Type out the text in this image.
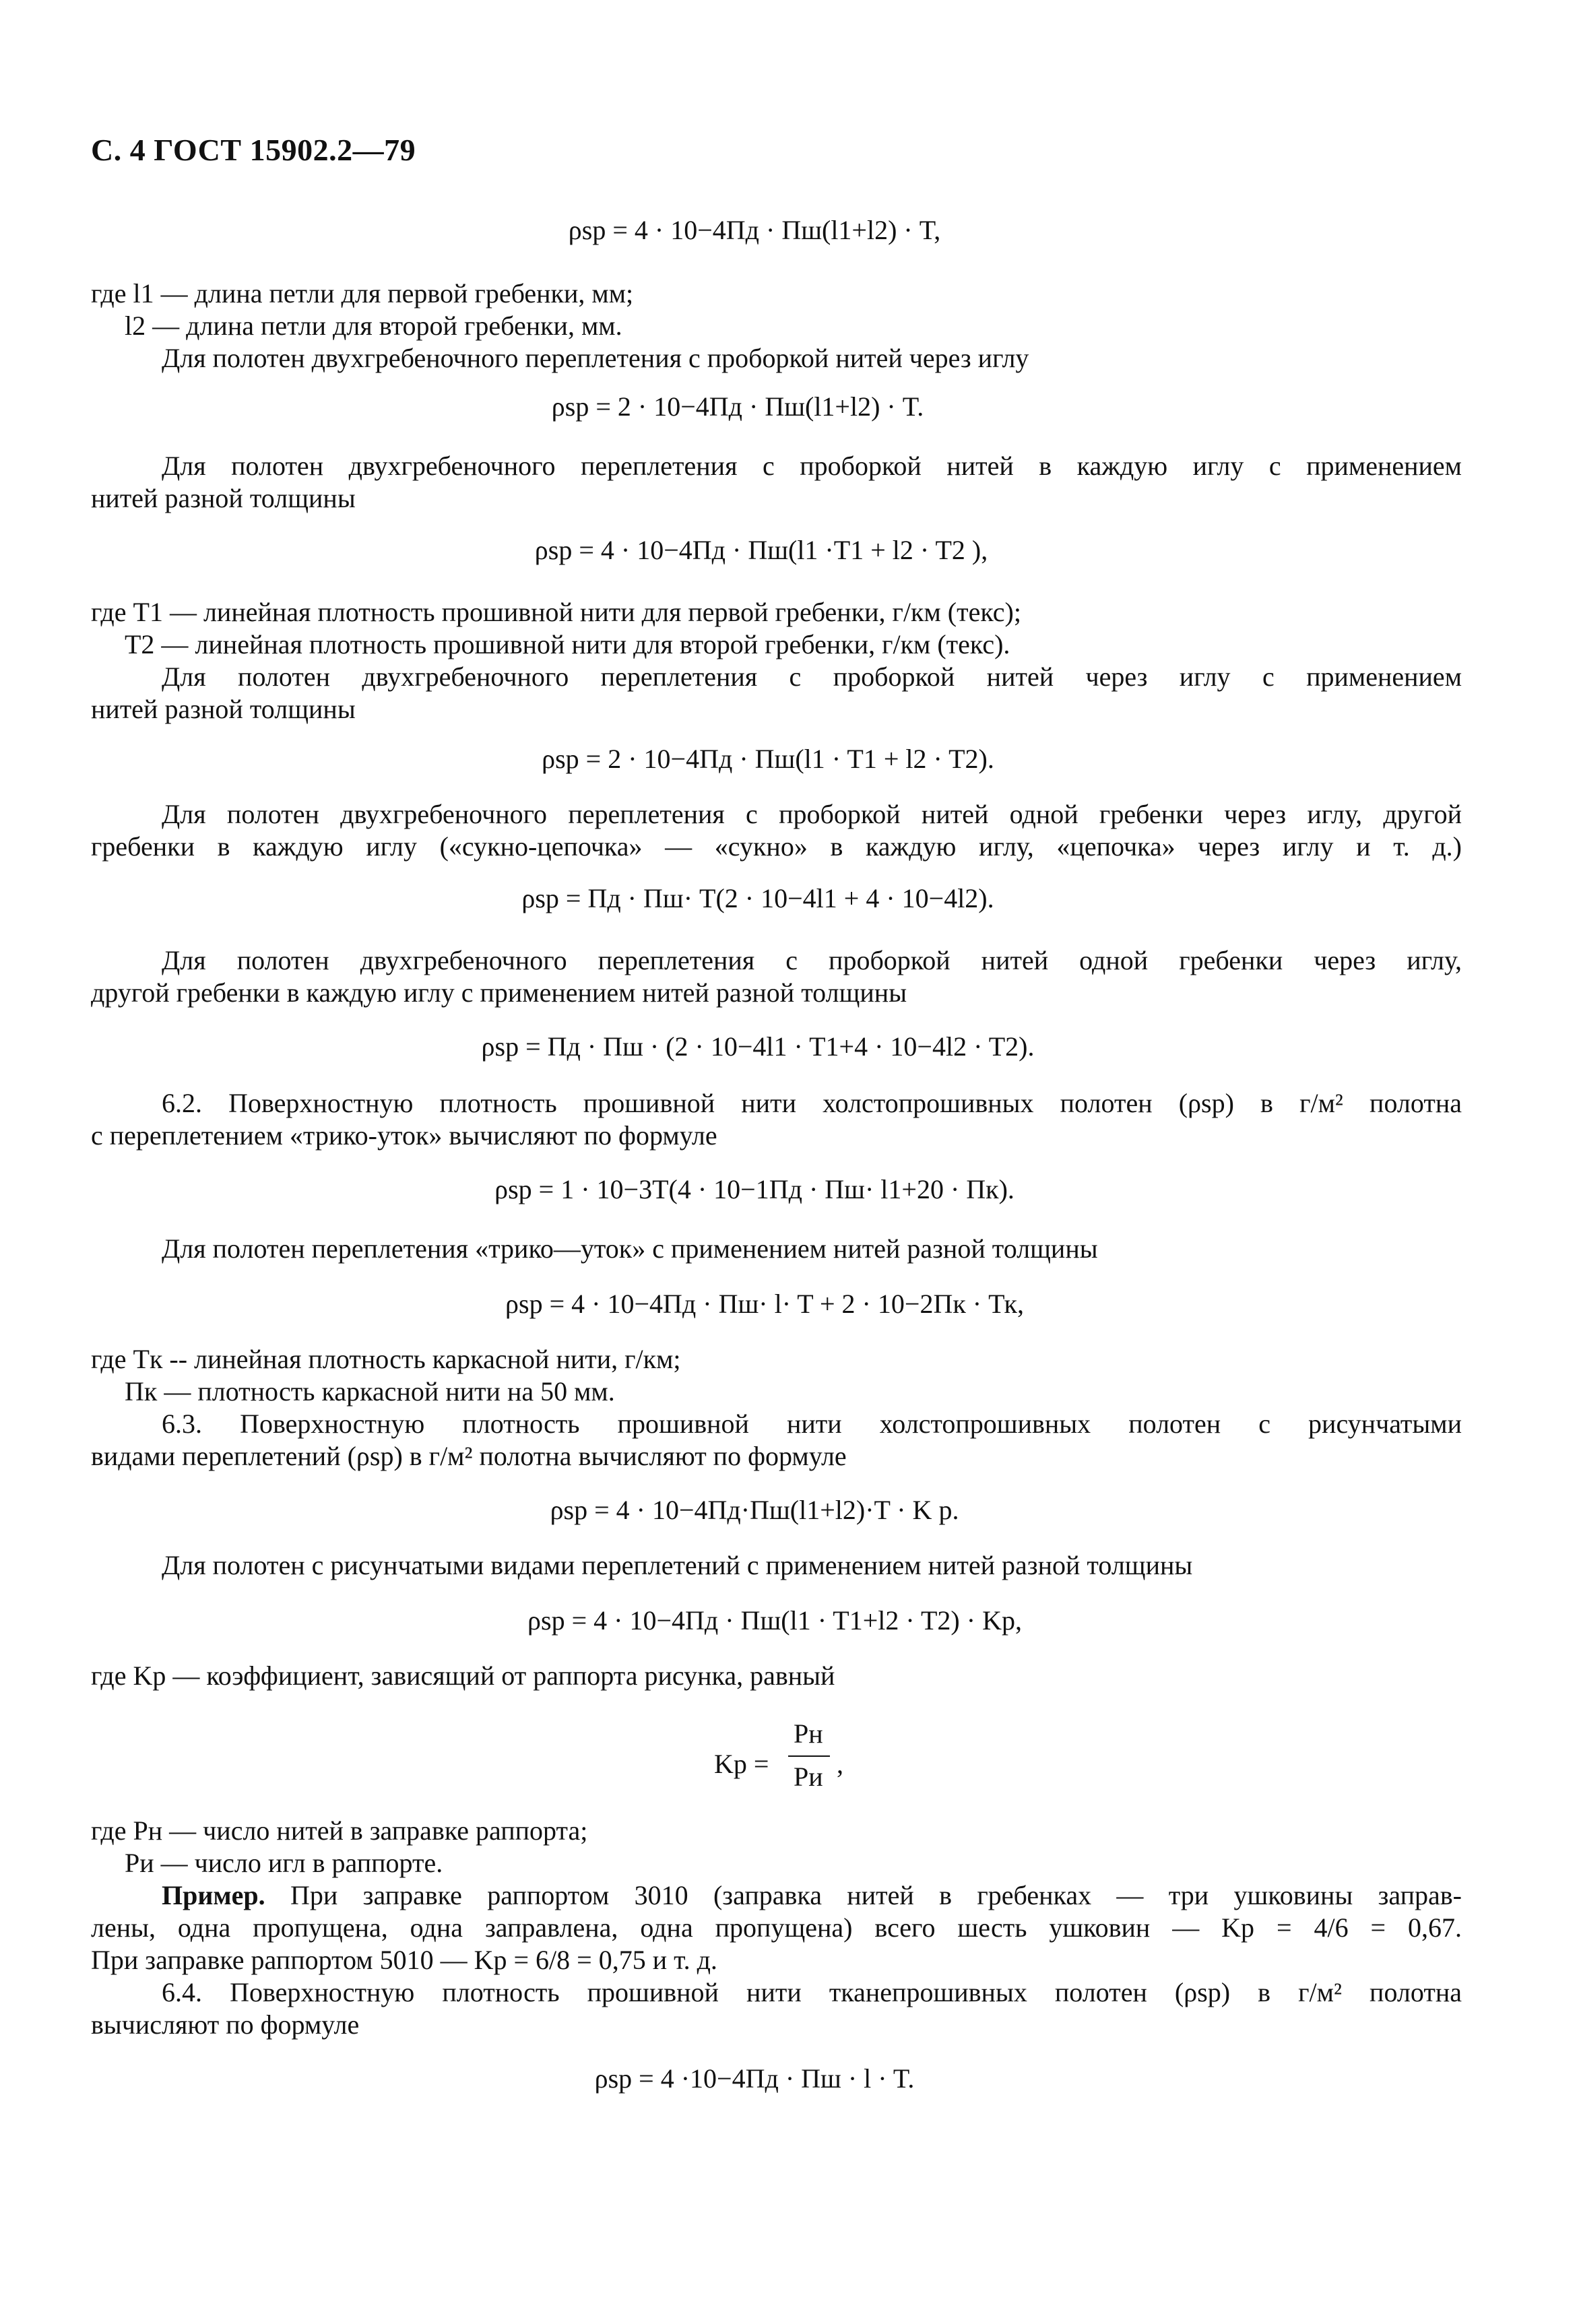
С. 4 ГОСТ 15902.2—79
ρsp = 4 · 10−4Пд · Пш(l1+l2) · T,
где l1 — длина петли для первой гребенки, мм;
l2 — длина петли для второй гребенки, мм.
Для полотен двухгребеночного переплетения с проборкой нитей через иглу
ρsp = 2 · 10−4Пд · Пш(l1+l2) · T.
Для полотен двухгребеночного переплетения с проборкой нитей в каждую иглу с применением
нитей разной толщины
ρsp = 4 · 10−4Пд · Пш(l1 ·T1 + l2 · T2 ),
где T1 — линейная плотность прошивной нити для первой гребенки, г/км (текс);
T2 — линейная плотность прошивной нити для второй гребенки, г/км (текс).
Для полотен двухгребеночного переплетения с проборкой нитей через иглу с применением
нитей разной толщины
ρsp = 2 · 10−4Пд · Пш(l1 · T1 + l2 · T2).
Для полотен двухгребеночного переплетения с проборкой нитей одной гребенки через иглу, другой
гребенки в каждую иглу («сукно-цепочка» — «сукно» в каждую иглу, «цепочка» через иглу и т. д.)
ρsp = Пд · Пш· T(2 · 10−4l1 + 4 · 10−4l2).
Для полотен двухгребеночного переплетения с проборкой нитей одной гребенки через иглу,
другой гребенки в каждую иглу с применением нитей разной толщины
ρsp = Пд · Пш · (2 · 10−4l1 · T1+4 · 10−4l2 · T2).
6.2. Поверхностную плотность прошивной нити холстопрошивных полотен (ρsp) в г/м² полотна
с переплетением «трико-уток» вычисляют по формуле
ρsp = 1 · 10−3T(4 · 10−1Пд · Пш· l1+20 · Пк).
Для полотен переплетения «трико—уток» с применением нитей разной толщины
ρsp = 4 · 10−4Пд · Пш· l· T + 2 · 10−2Пк · Тк,
где Tк -- линейная плотность каркасной нити, г/км;
Пк — плотность каркасной нити на 50 мм.
6.3. Поверхностную плотность прошивной нити холстопрошивных полотен с рисунчатыми
видами переплетений (ρsp) в г/м² полотна вычисляют по формуле
ρsp = 4 · 10−4Пд·Пш(l1+l2)·T · K р.
Для полотен с рисунчатыми видами переплетений с применением нитей разной толщины
ρsp = 4 · 10−4Пд · Пш(l1 · T1+l2 · T2) · Kр,
где Kр — коэффициент, зависящий от раппорта рисунка, равный
Kр =
Pн
Pи ,
где Pн — число нитей в заправке раппорта;
Pи — число игл в раппорте.
Пример. При заправке раппортом 3010 (заправка нитей в гребенках — три ушковины заправ-
лены, одна пропущена, одна заправлена, одна пропущена) всего шесть ушковин — Kр = 4/6 = 0,67.
При заправке раппортом 5010 — Kр = 6/8 = 0,75 и т. д.
6.4. Поверхностную плотность прошивной нити тканепрошивных полотен (ρsp) в г/м² полотна
вычисляют по формуле
ρsp = 4 ·10−4Пд · Пш · l · T.
